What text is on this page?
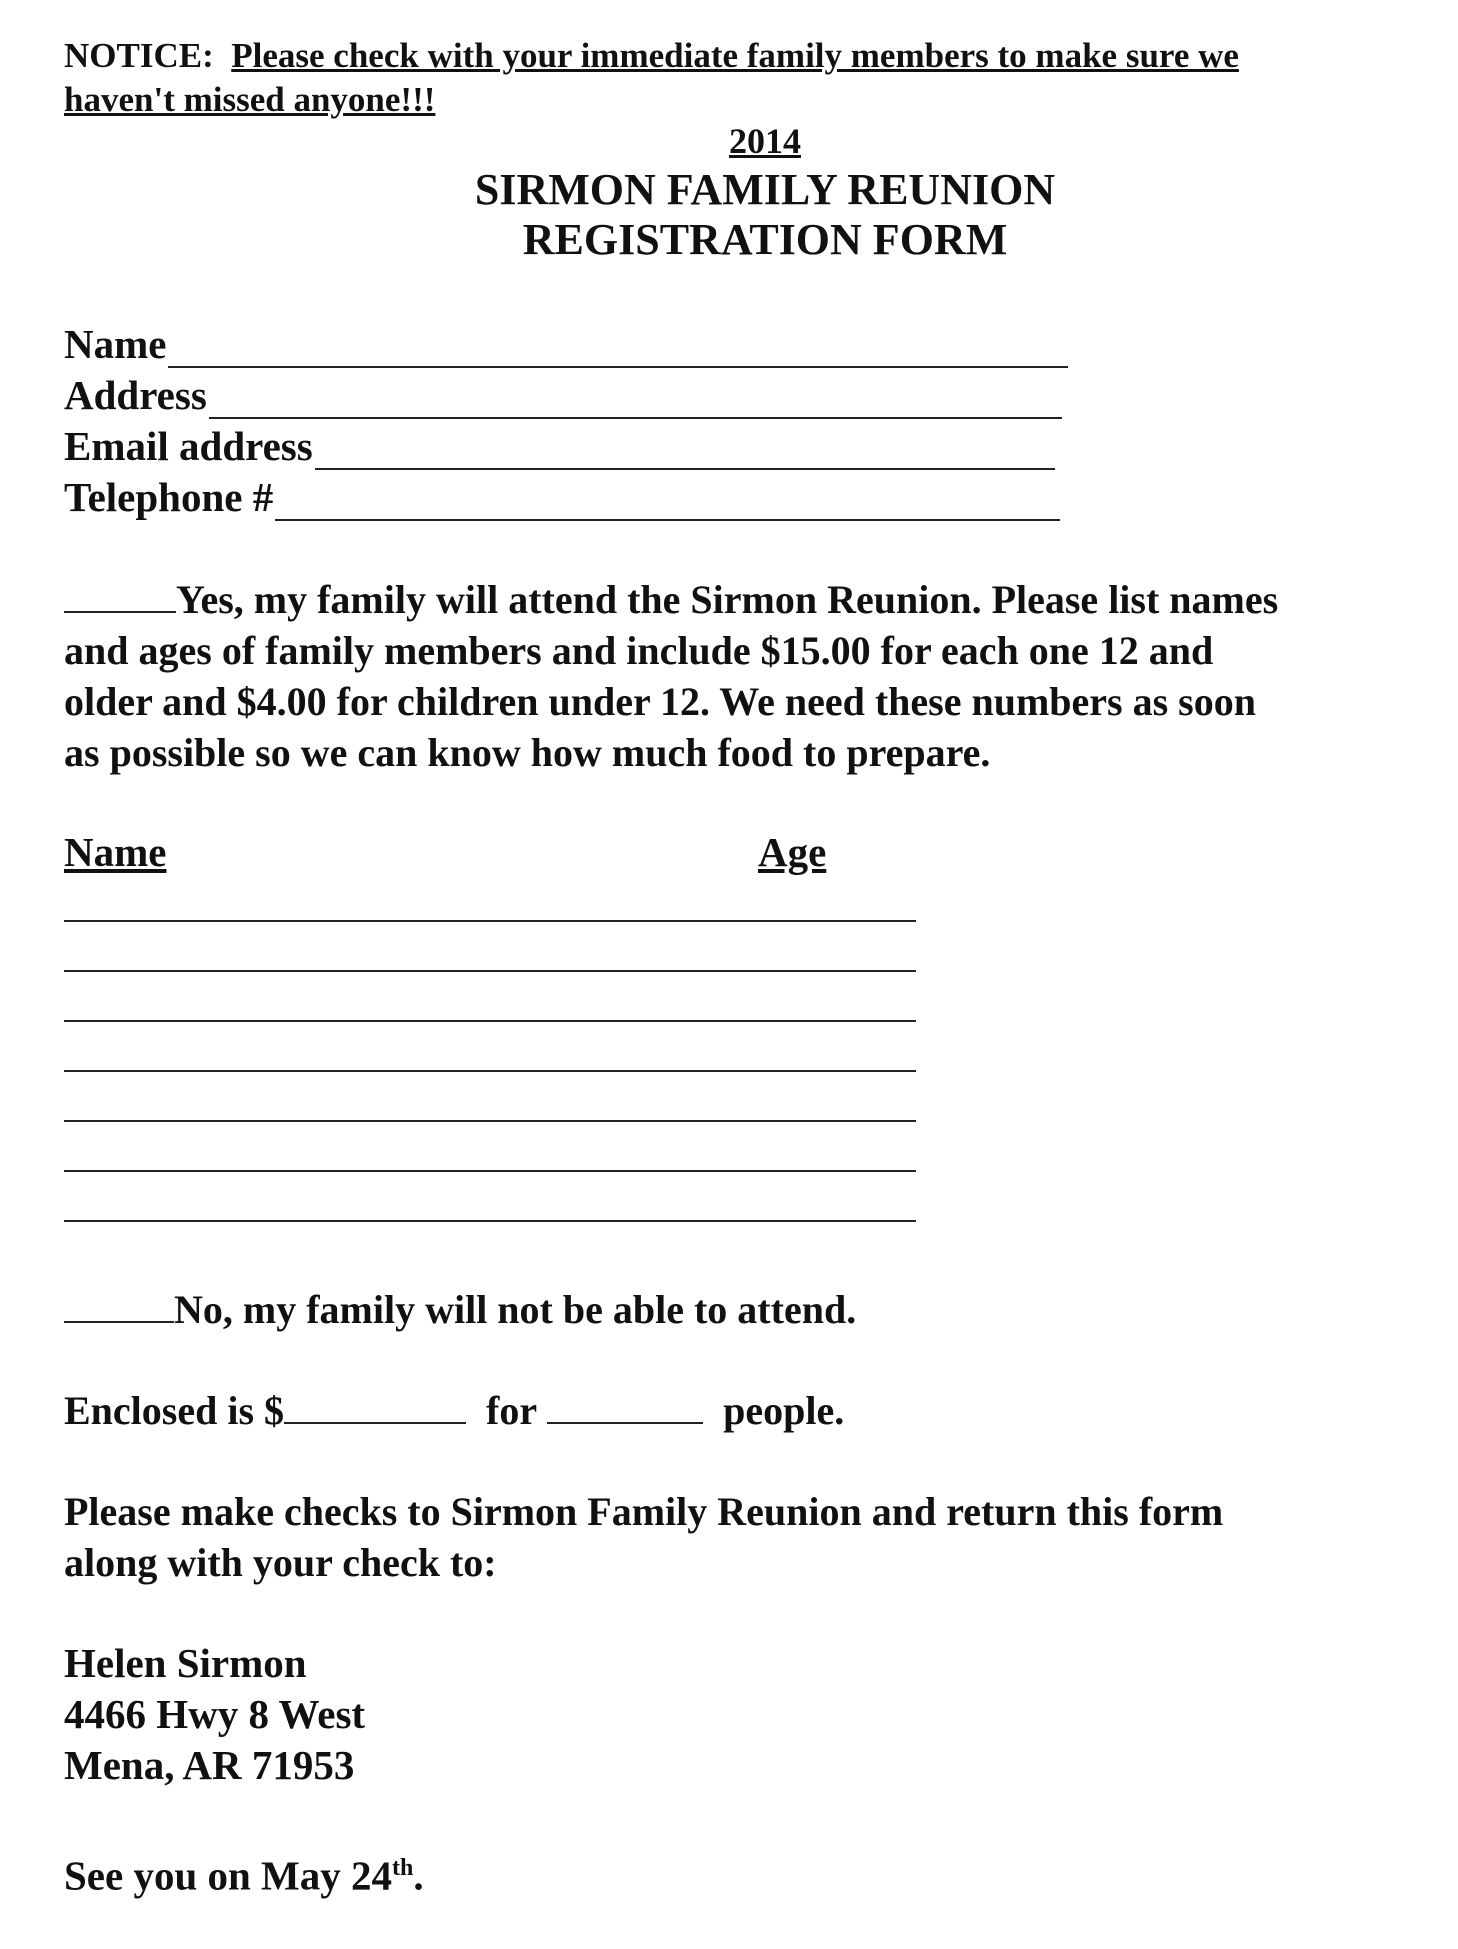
NOTICE: Please check with your immediate family members to make sure we
haven't missed anyone!!!
2014
SIRMON FAMILY REUNION
REGISTRATION FORM
Name
Address
Email address
Telephone #
Yes, my family will attend the Sirmon Reunion. Please list names
and ages of family members and include $15.00 for each one 12 and
older and $4.00 for children under 12. We need these numbers as soon
as possible so we can know how much food to prepare.
Name	Age
No, my family will not be able to attend.
Enclosed is $	for	people.
Please make checks to Sirmon Family Reunion and return this form
along with your check to:
Helen Sirmon
4466 Hwy 8 West
Mena, AR 71953
See you on May 24th.
